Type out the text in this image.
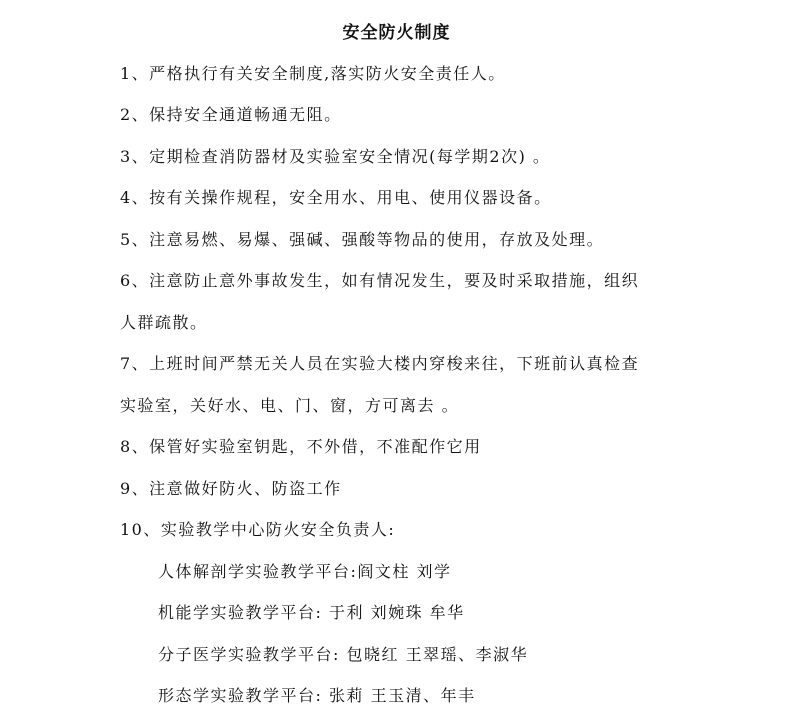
安全防火制度
1、严格执行有关安全制度,落实防火安全责任人。
2、保持安全通道畅通无阻。
3、定期检查消防器材及实验室安全情况(每学期2次) 。
4、按有关操作规程，安全用水、用电、使用仪器设备。
5、注意易燃、易爆、强碱、强酸等物品的使用，存放及处理。
6、注意防止意外事故发生，如有情况发生，要及时采取措施，组织
人群疏散。
7、上班时间严禁无关人员在实验大楼内穿梭来往，下班前认真检查
实验室，关好水、电、门、窗，方可离去 。
8、保管好实验室钥匙，不外借，不准配作它用
9、注意做好防火、防盗工作
10、实验教学中心防火安全负责人:
人体解剖学实验教学平台:阎文柱 刘学
机能学实验教学平台: 于利 刘婉珠 牟华
分子医学实验教学平台: 包晓红 王翠瑶、李淑华
形态学实验教学平台: 张莉 王玉清、年丰
